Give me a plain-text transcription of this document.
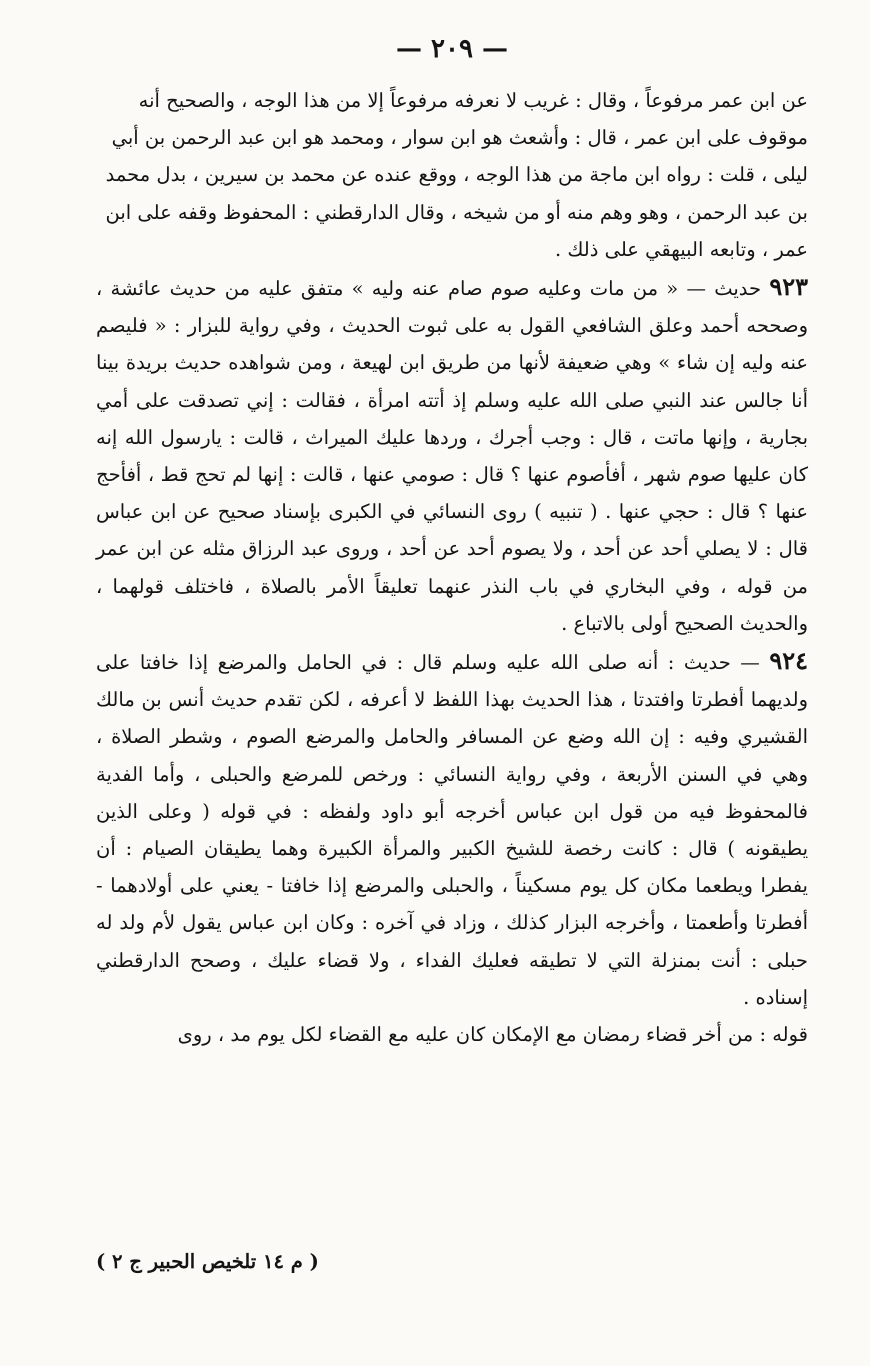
— ٢٠٩ —

عن ابن عمر مرفوعاً ، وقال : غريب لا نعرفه مرفوعاً إلا من هذا الوجه ، والصحيح أنه موقوف على ابن عمر ، قال : وأشعث هو ابن سوار ، ومحمد هو ابن عبد الرحمن بن أبي ليلى ، قلت : رواه ابن ماجة من هذا الوجه ، ووقع عنده عن محمد بن سيرين ، بدل محمد بن عبد الرحمن ، وهو وهم منه أو من شيخه ، وقال الدارقطني : المحفوظ وقفه على ابن عمر ، وتابعه البيهقي على ذلك .

٩٢٣ حديث — « من مات وعليه صوم صام عنه وليه » متفق عليه من حديث عائشة ، وصححه أحمد وعلق الشافعي القول به على ثبوت الحديث ، وفي رواية للبزار : « فليصم عنه وليه إن شاء » وهي ضعيفة لأنها من طريق ابن لهيعة ، ومن شواهده حديث بريدة بينا أنا جالس عند النبي صلى الله عليه وسلم إذ أتته امرأة ، فقالت : إني تصدقت على أمي بجارية ، وإنها ماتت ، قال : وجب أجرك ، وردها عليك الميراث ، قالت : يارسول الله إنه كان عليها صوم شهر ، أفأصوم عنها ؟ قال : صومي عنها ، قالت : إنها لم تحج قط ، أفأحج عنها ؟ قال : حجي عنها . ( تنبيه ) روى النسائي في الكبرى بإسناد صحيح عن ابن عباس قال : لا يصلي أحد عن أحد ، ولا يصوم أحد عن أحد ، وروى عبد الرزاق مثله عن ابن عمر من قوله ، وفي البخاري في باب النذر عنهما تعليقاً الأمر بالصلاة ، فاختلف قولهما ، والحديث الصحيح أولى بالاتباع .

٩٢٤ — حديث : أنه صلى الله عليه وسلم قال : في الحامل والمرضع إذا خافتا على ولديهما أفطرتا وافتدتا ، هذا الحديث بهذا اللفظ لا أعرفه ، لكن تقدم حديث أنس بن مالك القشيري وفيه : إن الله وضع عن المسافر والحامل والمرضع الصوم ، وشطر الصلاة ، وهي في السنن الأربعة ، وفي رواية النسائي : ورخص للمرضع والحبلى ، وأما الفدية فالمحفوظ فيه من قول ابن عباس أخرجه أبو داود ولفظه : في قوله ( وعلى الذين يطيقونه ) قال : كانت رخصة للشيخ الكبير والمرأة الكبيرة وهما يطيقان الصيام : أن يفطرا ويطعما مكان كل يوم مسكيناً ، والحبلى والمرضع إذا خافتا - يعني على أولادهما - أفطرتا وأطعمتا ، وأخرجه البزار كذلك ، وزاد في آخره : وكان ابن عباس يقول لأم ولد له حبلى : أنت بمنزلة التي لا تطيقه فعليك الفداء ، ولا قضاء عليك ، وصحح الدارقطني إسناده .

قوله : من أخر قضاء رمضان مع الإمكان كان عليه مع القضاء لكل يوم مد ، روى

( م ١٤ تلخيص الحبير ج ٢ )
